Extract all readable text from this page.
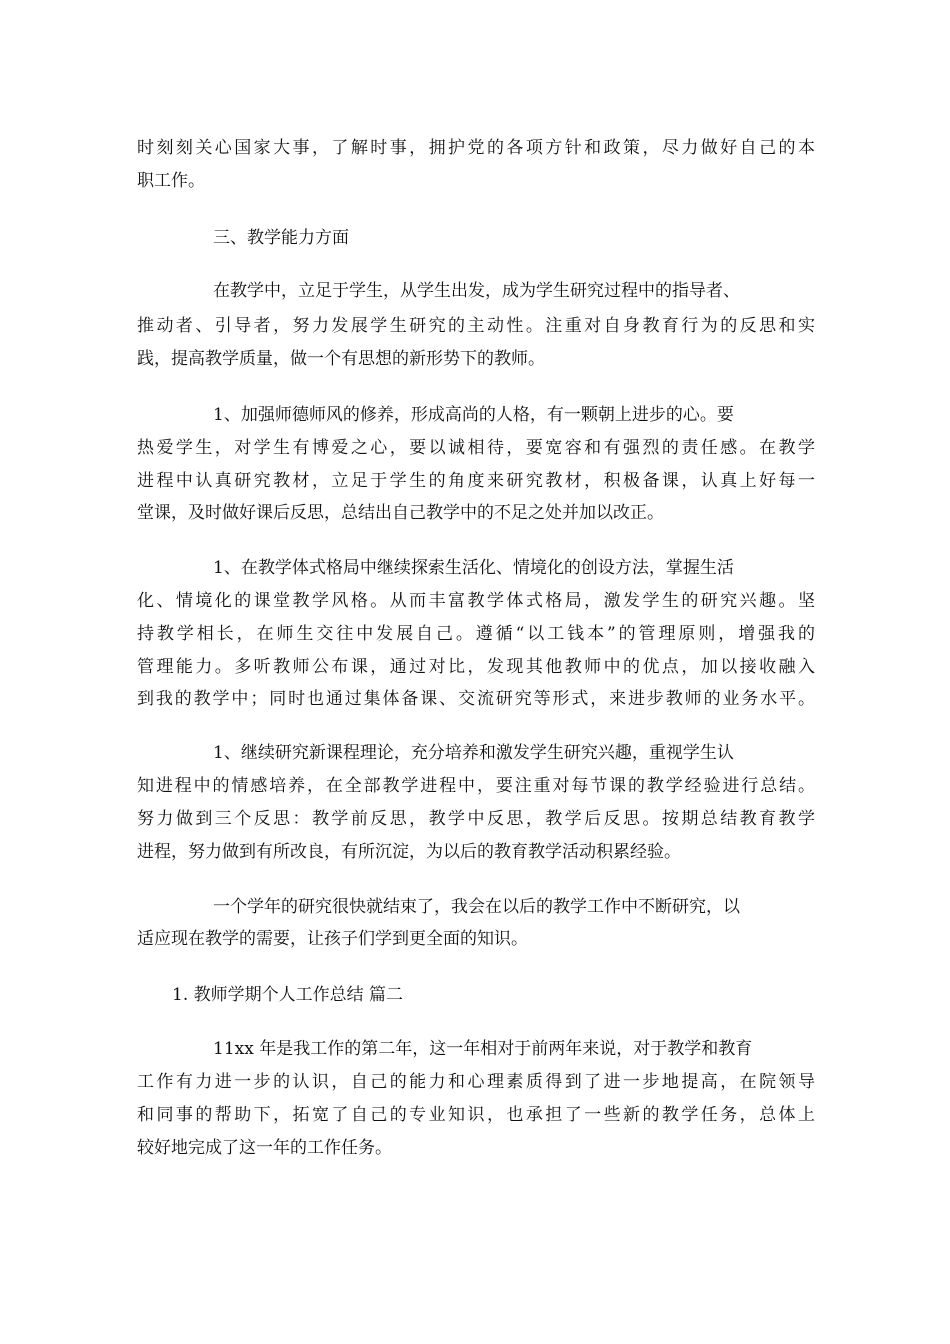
时刻刻关心国家大事，了解时事，拥护党的各项方针和政策，尽力做好自己的本

职工作。

三、教学能力方面

在教学中，立足于学生，从学生出发，成为学生研究过程中的指导者、

推动者、引导者，努力发展学生研究的主动性。注重对自身教育行为的反思和实

践，提高教学质量，做一个有思想的新形势下的教师。

1、加强师德师风的修养，形成高尚的人格，有一颗朝上进步的心。要

热爱学生，对学生有博爱之心，要以诚相待，要宽容和有强烈的责任感。在教学

进程中认真研究教材，立足于学生的角度来研究教材，积极备课，认真上好每一

堂课，及时做好课后反思，总结出自己教学中的不足之处并加以改正。

1、在教学体式格局中继续探索生活化、情境化的创设方法，掌握生活

化、情境化的课堂教学风格。从而丰富教学体式格局，激发学生的研究兴趣。坚

持教学相长，在师生交往中发展自己。遵循“以工钱本”的管理原则，增强我的

管理能力。多听教师公布课，通过对比，发现其他教师中的优点，加以接收融入

到我的教学中；同时也通过集体备课、交流研究等形式，来进步教师的业务水平。

1、继续研究新课程理论，充分培养和激发学生研究兴趣，重视学生认

知进程中的情感培养，在全部教学进程中，要注重对每节课的教学经验进行总结。

努力做到三个反思：教学前反思，教学中反思，教学后反思。按期总结教育教学

进程，努力做到有所改良，有所沉淀，为以后的教育教学活动积累经验。

一个学年的研究很快就结束了，我会在以后的教学工作中不断研究，以

适应现在教学的需要，让孩子们学到更全面的知识。

1. 教师学期个人工作总结 篇二

11xx 年是我工作的第二年，这一年相对于前两年来说，对于教学和教育

工作有力进一步的认识，自己的能力和心理素质得到了进一步地提高，在院领导

和同事的帮助下，拓宽了自己的专业知识，也承担了一些新的教学任务，总体上

较好地完成了这一年的工作任务。
